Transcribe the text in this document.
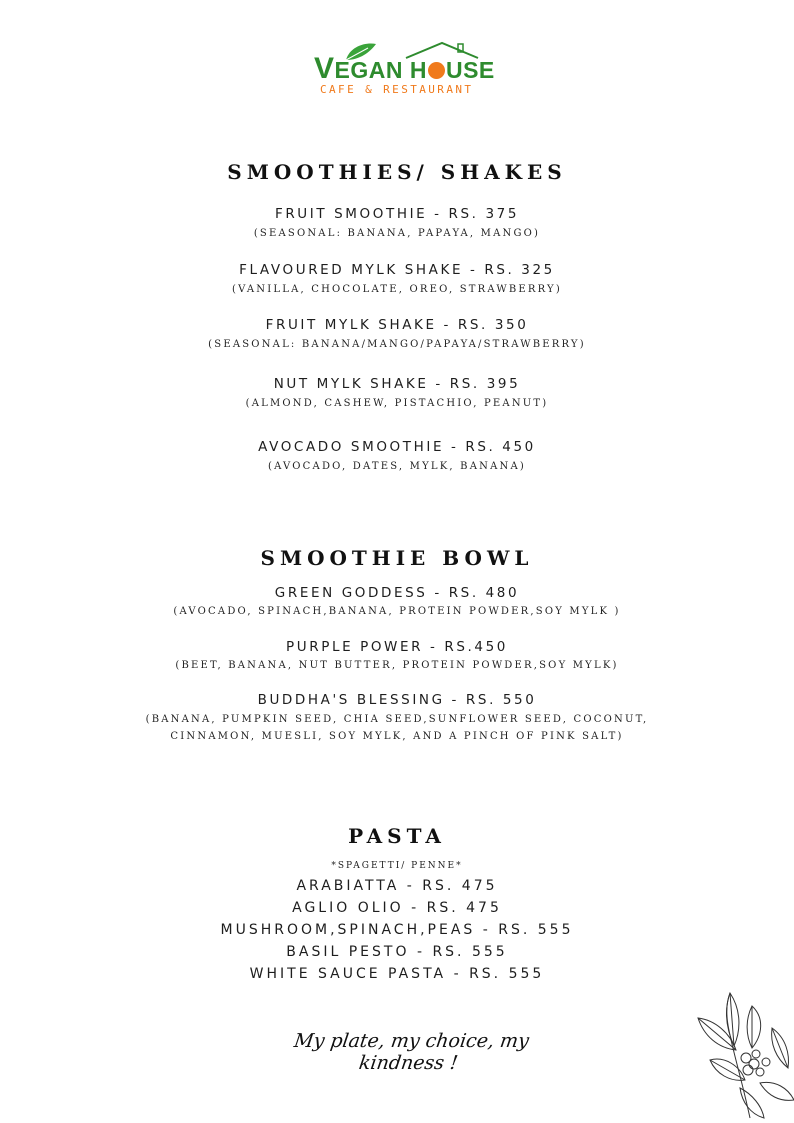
VEGAN H USE
CAFE & RESTAURANT
SMOOTHIES/ SHAKES
FRUIT SMOOTHIE - RS. 375
(SEASONAL: BANANA, PAPAYA, MANGO)
FLAVOURED MYLK SHAKE - RS. 325
(VANILLA, CHOCOLATE, OREO, STRAWBERRY)
FRUIT MYLK SHAKE - RS. 350
(SEASONAL: BANANA/MANGO/PAPAYA/STRAWBERRY)
NUT MYLK SHAKE - RS. 395
(ALMOND, CASHEW, PISTACHIO, PEANUT)
AVOCADO SMOOTHIE - RS. 450
(AVOCADO, DATES, MYLK, BANANA)
SMOOTHIE BOWL
GREEN GODDESS - RS. 480
(AVOCADO, SPINACH,BANANA, PROTEIN POWDER,SOY MYLK )
PURPLE POWER - RS.450
(BEET, BANANA, NUT BUTTER, PROTEIN POWDER,SOY MYLK)
BUDDHA'S BLESSING - RS. 550
(BANANA, PUMPKIN SEED, CHIA SEED,SUNFLOWER SEED, COCONUT,
CINNAMON, MUESLI, SOY MYLK, AND A PINCH OF PINK SALT)
PASTA
*SPAGETTI/ PENNE*
ARABIATTA - RS. 475
AGLIO OLIO - RS. 475
MUSHROOM,SPINACH,PEAS - RS. 555
BASIL PESTO - RS. 555
WHITE SAUCE PASTA - RS. 555
My plate, my choice, my kindness !
